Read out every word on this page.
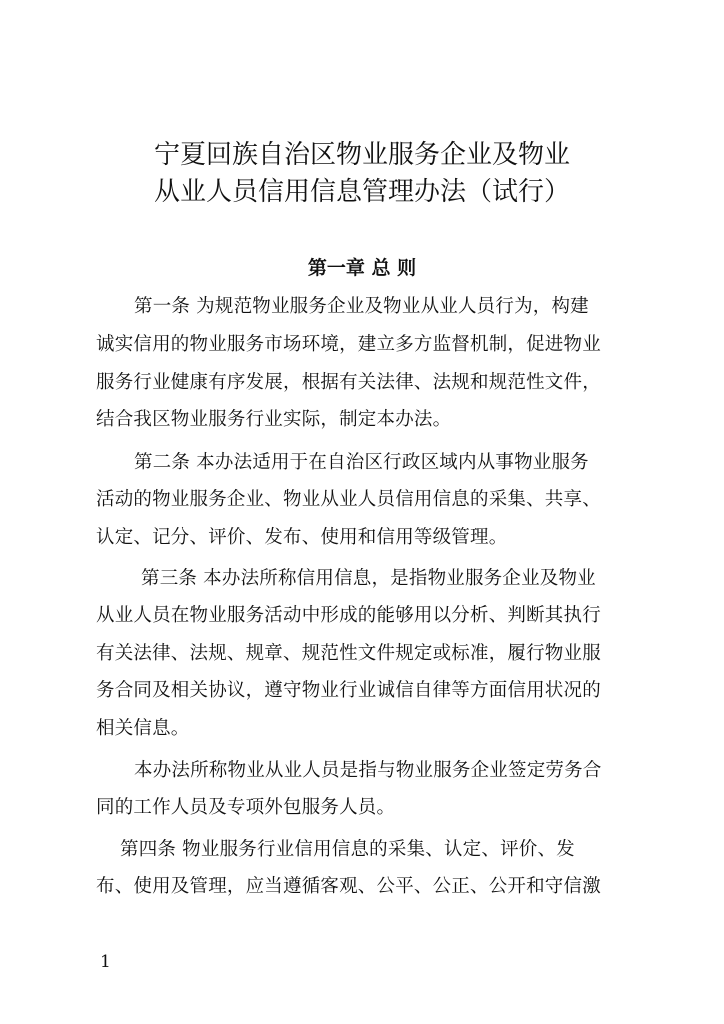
宁夏回族自治区物业服务企业及物业
从业人员信用信息管理办法（试行）
第一章 总 则
第一条 为规范物业服务企业及物业从业人员行为，构建
诚实信用的物业服务市场环境，建立多方监督机制，促进物业
服务行业健康有序发展，根据有关法律、法规和规范性文件，
结合我区物业服务行业实际，制定本办法。
第二条 本办法适用于在自治区行政区域内从事物业服务
活动的物业服务企业、物业从业人员信用信息的采集、共享、
认定、记分、评价、发布、使用和信用等级管理。
第三条 本办法所称信用信息，是指物业服务企业及物业
从业人员在物业服务活动中形成的能够用以分析、判断其执行
有关法律、法规、规章、规范性文件规定或标准，履行物业服
务合同及相关协议，遵守物业行业诚信自律等方面信用状况的
相关信息。
本办法所称物业从业人员是指与物业服务企业签定劳务合
同的工作人员及专项外包服务人员。
第四条 物业服务行业信用信息的采集、认定、评价、发
布、使用及管理，应当遵循客观、公平、公正、公开和守信激
1
